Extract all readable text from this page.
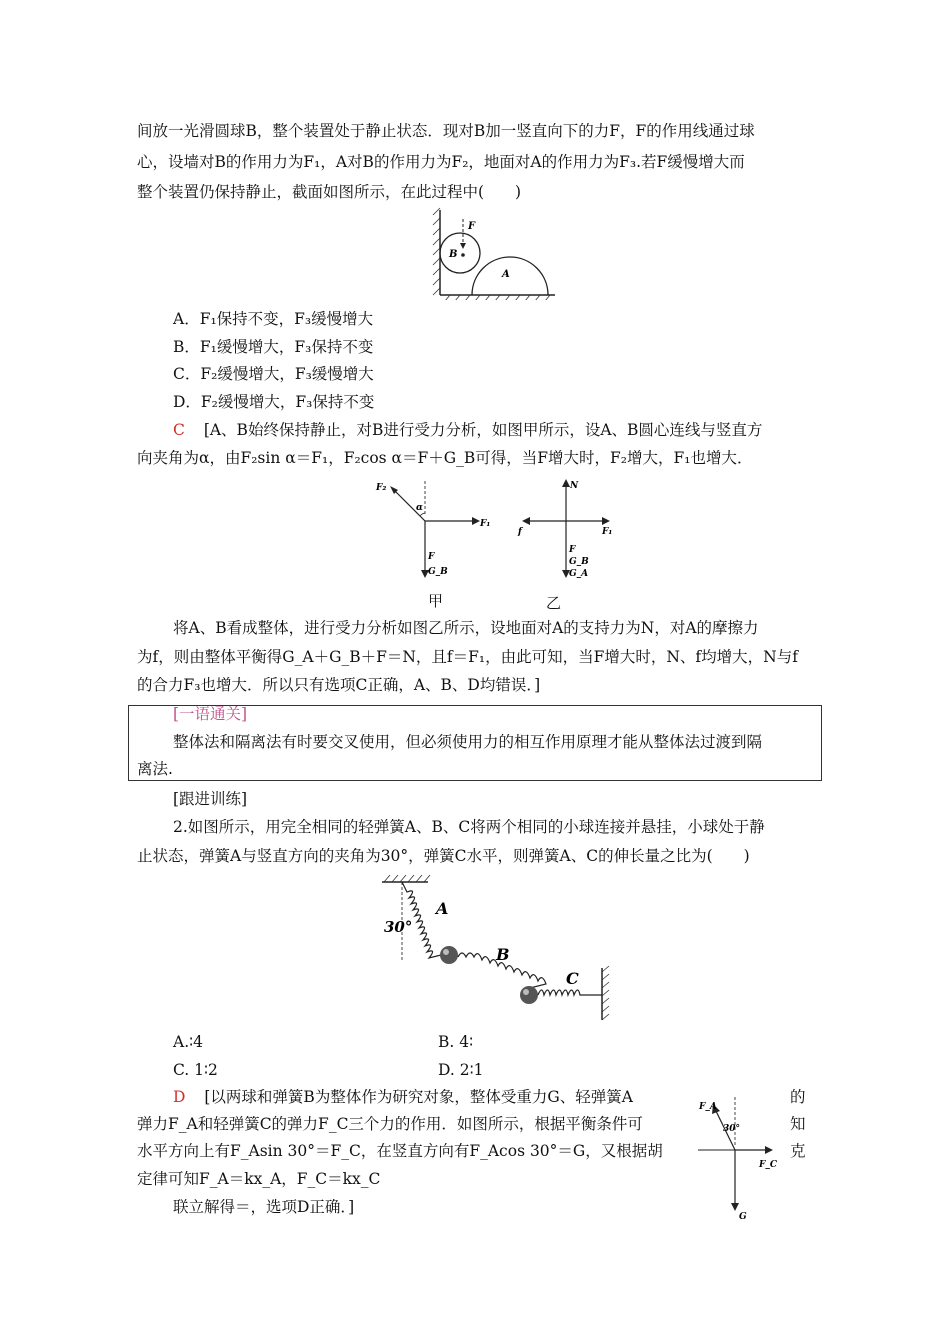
间放一光滑圆球B，整个装置处于静止状态．现对B加一竖直向下的力F，F的作用线通过球
心，设墙对B的作用力为F₁，A对B的作用力为F₂，地面对A的作用力为F₃.若F缓慢增大而
整个装置仍保持静止，截面如图所示，在此过程中(　　)
F
B
A
A．F₁保持不变，F₃缓慢增大
B．F₁缓慢增大，F₃保持不变
C．F₂缓慢增大，F₃缓慢增大
D．F₂缓慢增大，F₃保持不变
C [A、B始终保持静止，对B进行受力分析，如图甲所示，设A、B圆心连线与竖直方
向夹角为α，由F₂sin α＝F₁，F₂cos α＝F＋G_B可得，当F增大时，F₂增大，F₁也增大．
F₂
α
F₁
F
G_B
甲
N
f	F₁
F
G_B
G_A
乙
将A、B看成整体，进行受力分析如图乙所示，设地面对A的支持力为N，对A的摩擦力
为f，则由整体平衡得G_A＋G_B＋F＝N，且f＝F₁，由此可知，当F增大时，N、f均增大，N与f
的合力F₃也增大．所以只有选项C正确，A、B、D均错误．]
[一语通关]
整体法和隔离法有时要交叉使用，但必须使用力的相互作用原理才能从整体法过渡到隔
离法.
[跟进训练]
2.如图所示，用完全相同的轻弹簧A、B、C将两个相同的小球连接并悬挂，小球处于静
止状态，弹簧A与竖直方向的夹角为30°，弹簧C水平，则弹簧A、C的伸长量之比为(　　)
30°
A
B
C
A.∶4	B. 4∶
C. 1∶2	D. 2∶1
D [以两球和弹簧B为整体作为研究对象，整体受重力G、轻弹簧A
弹力F_A和轻弹簧C的弹力F_C三个力的作用．如图所示，根据平衡条件可
水平方向上有F_Asin 30°＝F_C，在竖直方向有F_Acos 30°＝G，又根据胡
定律可知F_A＝kx_A，F_C＝kx_C
联立解得＝，选项D正确．]
的
知
克
F_A
30°
F_C
G
